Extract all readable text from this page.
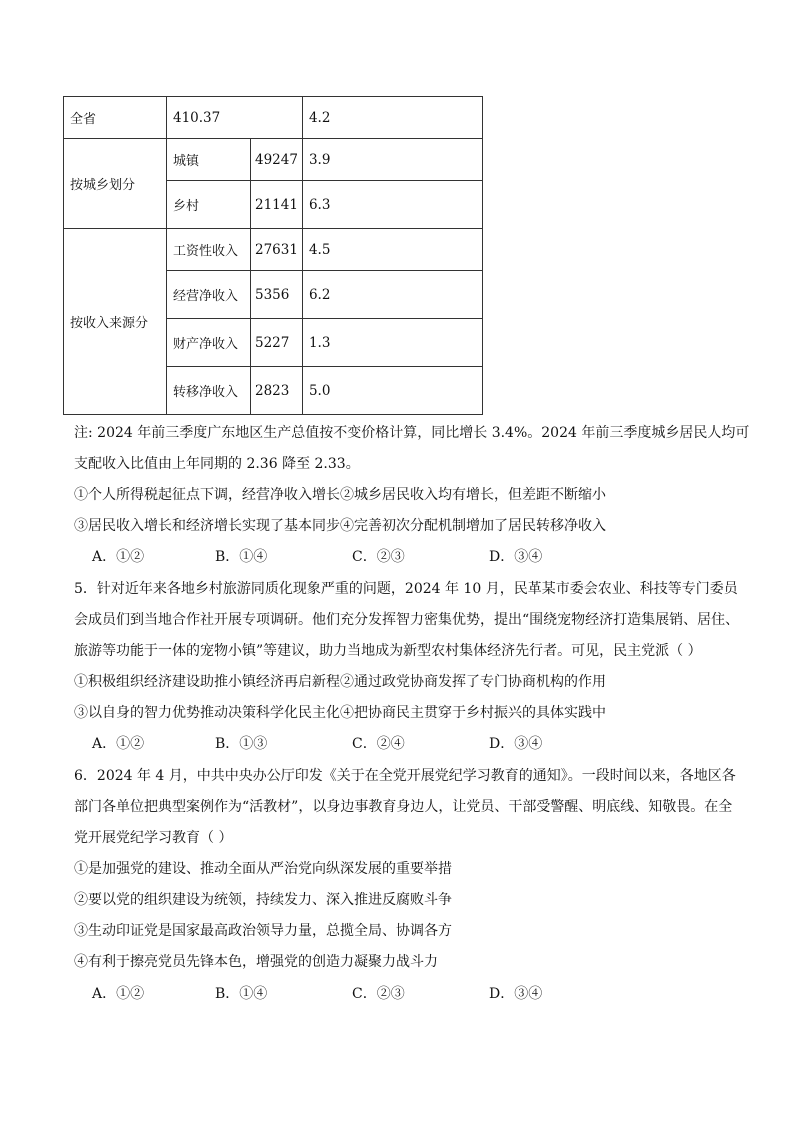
全省	410.37		4.2
按城乡划分	城镇	49247	3.9
	乡村	21141	6.3
按收入来源分	工资性收入	27631	4.5
	经营净收入	5356	6.2
	财产净收入	5227	1.3
	转移净收入	2823	5.0
注: 2024 年前三季度广东地区生产总值按不变价格计算，同比增长 3.4%。2024 年前三季度城乡居民人均可
支配收入比值由上年同期的 2.36 降至 2.33。
①个人所得税起征点下调，经营净收入增长②城乡居民收入均有增长，但差距不断缩小
③居民收入增长和经济增长实现了基本同步④完善初次分配机制增加了居民转移净收入
A．①②	B．①④	C．②③	D．③④
5．针对近年来各地乡村旅游同质化现象严重的问题，2024 年 10 月，民革某市委会农业、科技等专门委员
会成员们到当地合作社开展专项调研。他们充分发挥智力密集优势，提出“围绕宠物经济打造集展销、居住、
旅游等功能于一体的宠物小镇”等建议，助力当地成为新型农村集体经济先行者。可见，民主党派（ ）
①积极组织经济建设助推小镇经济再启新程②通过政党协商发挥了专门协商机构的作用
③以自身的智力优势推动决策科学化民主化④把协商民主贯穿于乡村振兴的具体实践中
A．①②	B．①③	C．②④	D．③④
6．2024 年 4 月，中共中央办公厅印发《关于在全党开展党纪学习教育的通知》。一段时间以来，各地区各
部门各单位把典型案例作为“活教材”，以身边事教育身边人，让党员、干部受警醒、明底线、知敬畏。在全
党开展党纪学习教育（ ）
①是加强党的建设、推动全面从严治党向纵深发展的重要举措
②要以党的组织建设为统领，持续发力、深入推进反腐败斗争
③生动印证党是国家最高政治领导力量，总揽全局、协调各方
④有利于擦亮党员先锋本色，增强党的创造力凝聚力战斗力
A．①②	B．①④	C．②③	D．③④
